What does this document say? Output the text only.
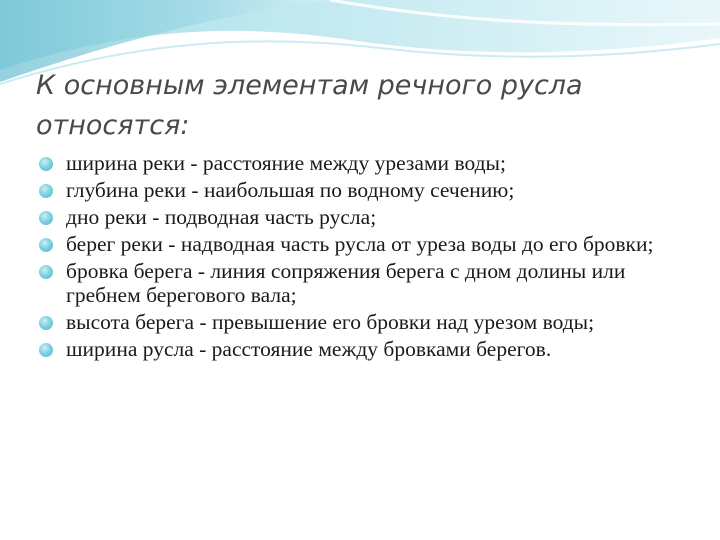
К основным элементам речного русла
относятся:
ширина реки - расстояние между урезами воды;
глубина реки - наибольшая по водному сечению;
дно реки - подводная часть русла;
берег реки - надводная часть русла от уреза воды до его бровки;
бровка берега - линия сопряжения берега с дном долины или гребнем берегового вала;
высота берега - превышение его бровки над урезом воды;
ширина русла - расстояние между бровками берегов.
